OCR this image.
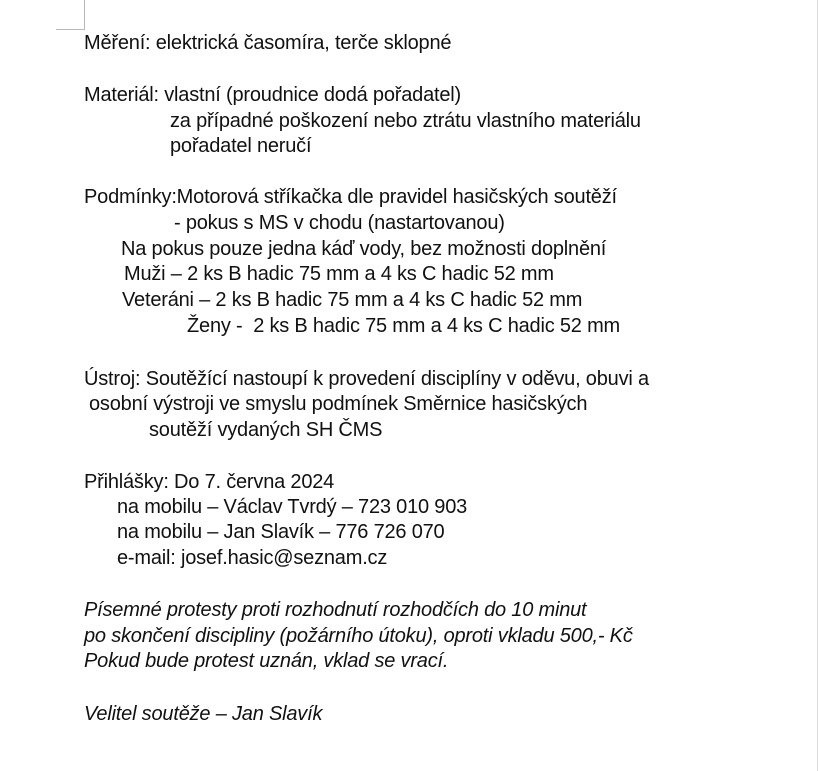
Měření: elektrická časomíra, terče sklopné
Materiál: vlastní (proudnice dodá pořadatel)
za případné poškození nebo ztrátu vlastního materiálu
pořadatel neručí
Podmínky:Motorová stříkačka dle pravidel hasičských soutěží
- pokus s MS v chodu (nastartovanou)
Na pokus pouze jedna káď vody, bez možnosti doplnění
Muži – 2 ks B hadic 75 mm a 4 ks C hadic 52 mm
Veteráni – 2 ks B hadic 75 mm a 4 ks C hadic 52 mm
Ženy -  2 ks B hadic 75 mm a 4 ks C hadic 52 mm
Ústroj: Soutěžící nastoupí k provedení disciplíny v oděvu, obuvi a
osobní výstroji ve smyslu podmínek Směrnice hasičských
soutěží vydaných SH ČMS
Přihlášky: Do 7. června 2024
na mobilu – Václav Tvrdý – 723 010 903
na mobilu – Jan Slavík – 776 726 070
e-mail: josef.hasic@seznam.cz
Písemné protesty proti rozhodnutí rozhodčích do 10 minut
po skončení discipliny (požárního útoku), oproti vkladu 500,- Kč
Pokud bude protest uznán, vklad se vrací.
Velitel soutěže – Jan Slavík
